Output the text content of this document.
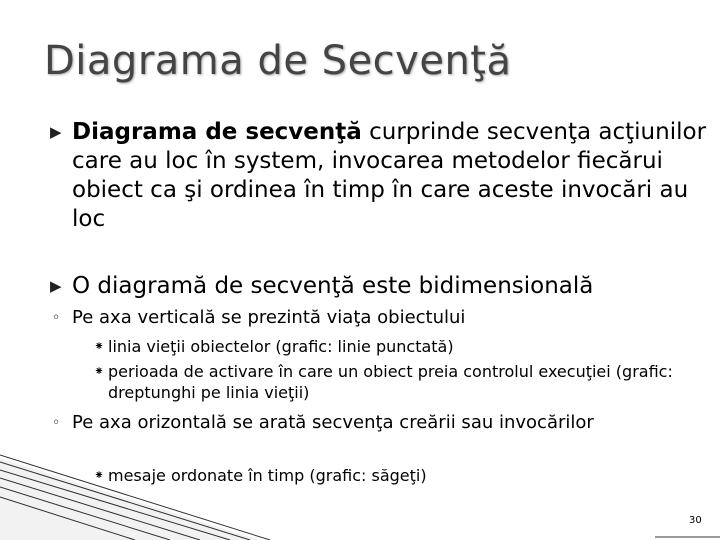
Diagrama de Secvenţă
▶ Diagrama de secvenţă curprinde secvenţa acţiunilor care au loc în system, invocarea metodelor fiecărui obiect ca şi ordinea în timp în care aceste invocări au loc
▶ O diagramă de secvenţă este bidimensională
◦ Pe axa verticală se prezintă viaţa obiectului
⁕ linia vieţii obiectelor (grafic: linie punctată)
⁕ perioada de activare în care un obiect preia controlul execuţiei (grafic: dreptunghi pe linia vieţii)
◦ Pe axa orizontală se arată secvenţa creării sau invocărilor
⁕ mesaje ordonate în timp (grafic: săgeţi)
30
